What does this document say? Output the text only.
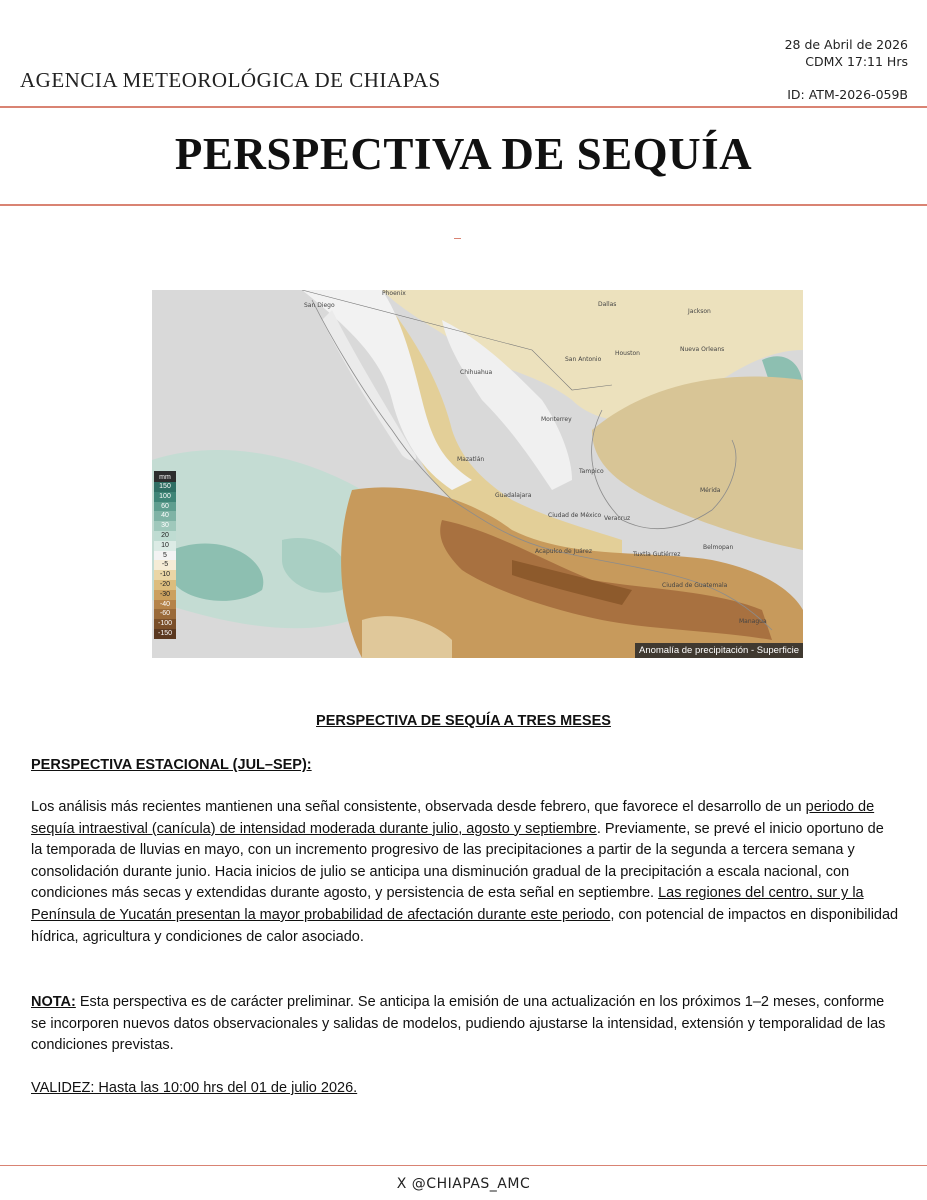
AGENCIA METEOROLÓGICA DE CHIAPAS
28 de Abril de 2026
CDMX 17:11 Hrs
ID: ATM-2026-059B
PERSPECTIVA DE SEQUÍA
San Diego
Phoenix
Dallas
Jackson
Chihuahua
San Antonio
Houston
Nueva Orleans
Monterrey
Mazatlán
Tampico
Guadalajara
Mérida
Ciudad de México Veracruz
Acapulco de Juárez	Tuxtla Gutiérrez
Belmopan
Ciudad de Guatemala
Managua
mm
150
100
60
40
30
20
10
5
-5
-10
-20
-30
-40
-60
-100
-150
Anomalía de precipitación - Superficie
PERSPECTIVA DE SEQUÍA A TRES MESES
PERSPECTIVA ESTACIONAL (JUL–SEP):
Los análisis más recientes mantienen una señal consistente, observada desde febrero, que favorece el desarrollo de un periodo de sequía intraestival (canícula) de intensidad moderada durante julio, agosto y septiembre. Previamente, se prevé el inicio oportuno de la temporada de lluvias en mayo, con un incremento progresivo de las precipitaciones a partir de la segunda a tercera semana y consolidación durante junio. Hacia inicios de julio se anticipa una disminución gradual de la precipitación a escala nacional, con condiciones más secas y extendidas durante agosto, y persistencia de esta señal en septiembre. Las regiones del centro, sur y la Península de Yucatán presentan la mayor probabilidad de afectación durante este periodo, con potencial de impactos en disponibilidad hídrica, agricultura y condiciones de calor asociado.
NOTA: Esta perspectiva es de carácter preliminar. Se anticipa la emisión de una actualización en los próximos 1–2 meses, conforme se incorporen nuevos datos observacionales y salidas de modelos, pudiendo ajustarse la intensidad, extensión y temporalidad de las condiciones previstas.
VALIDEZ: Hasta las 10:00 hrs del 01 de julio 2026.
X @CHIAPAS_AMC
